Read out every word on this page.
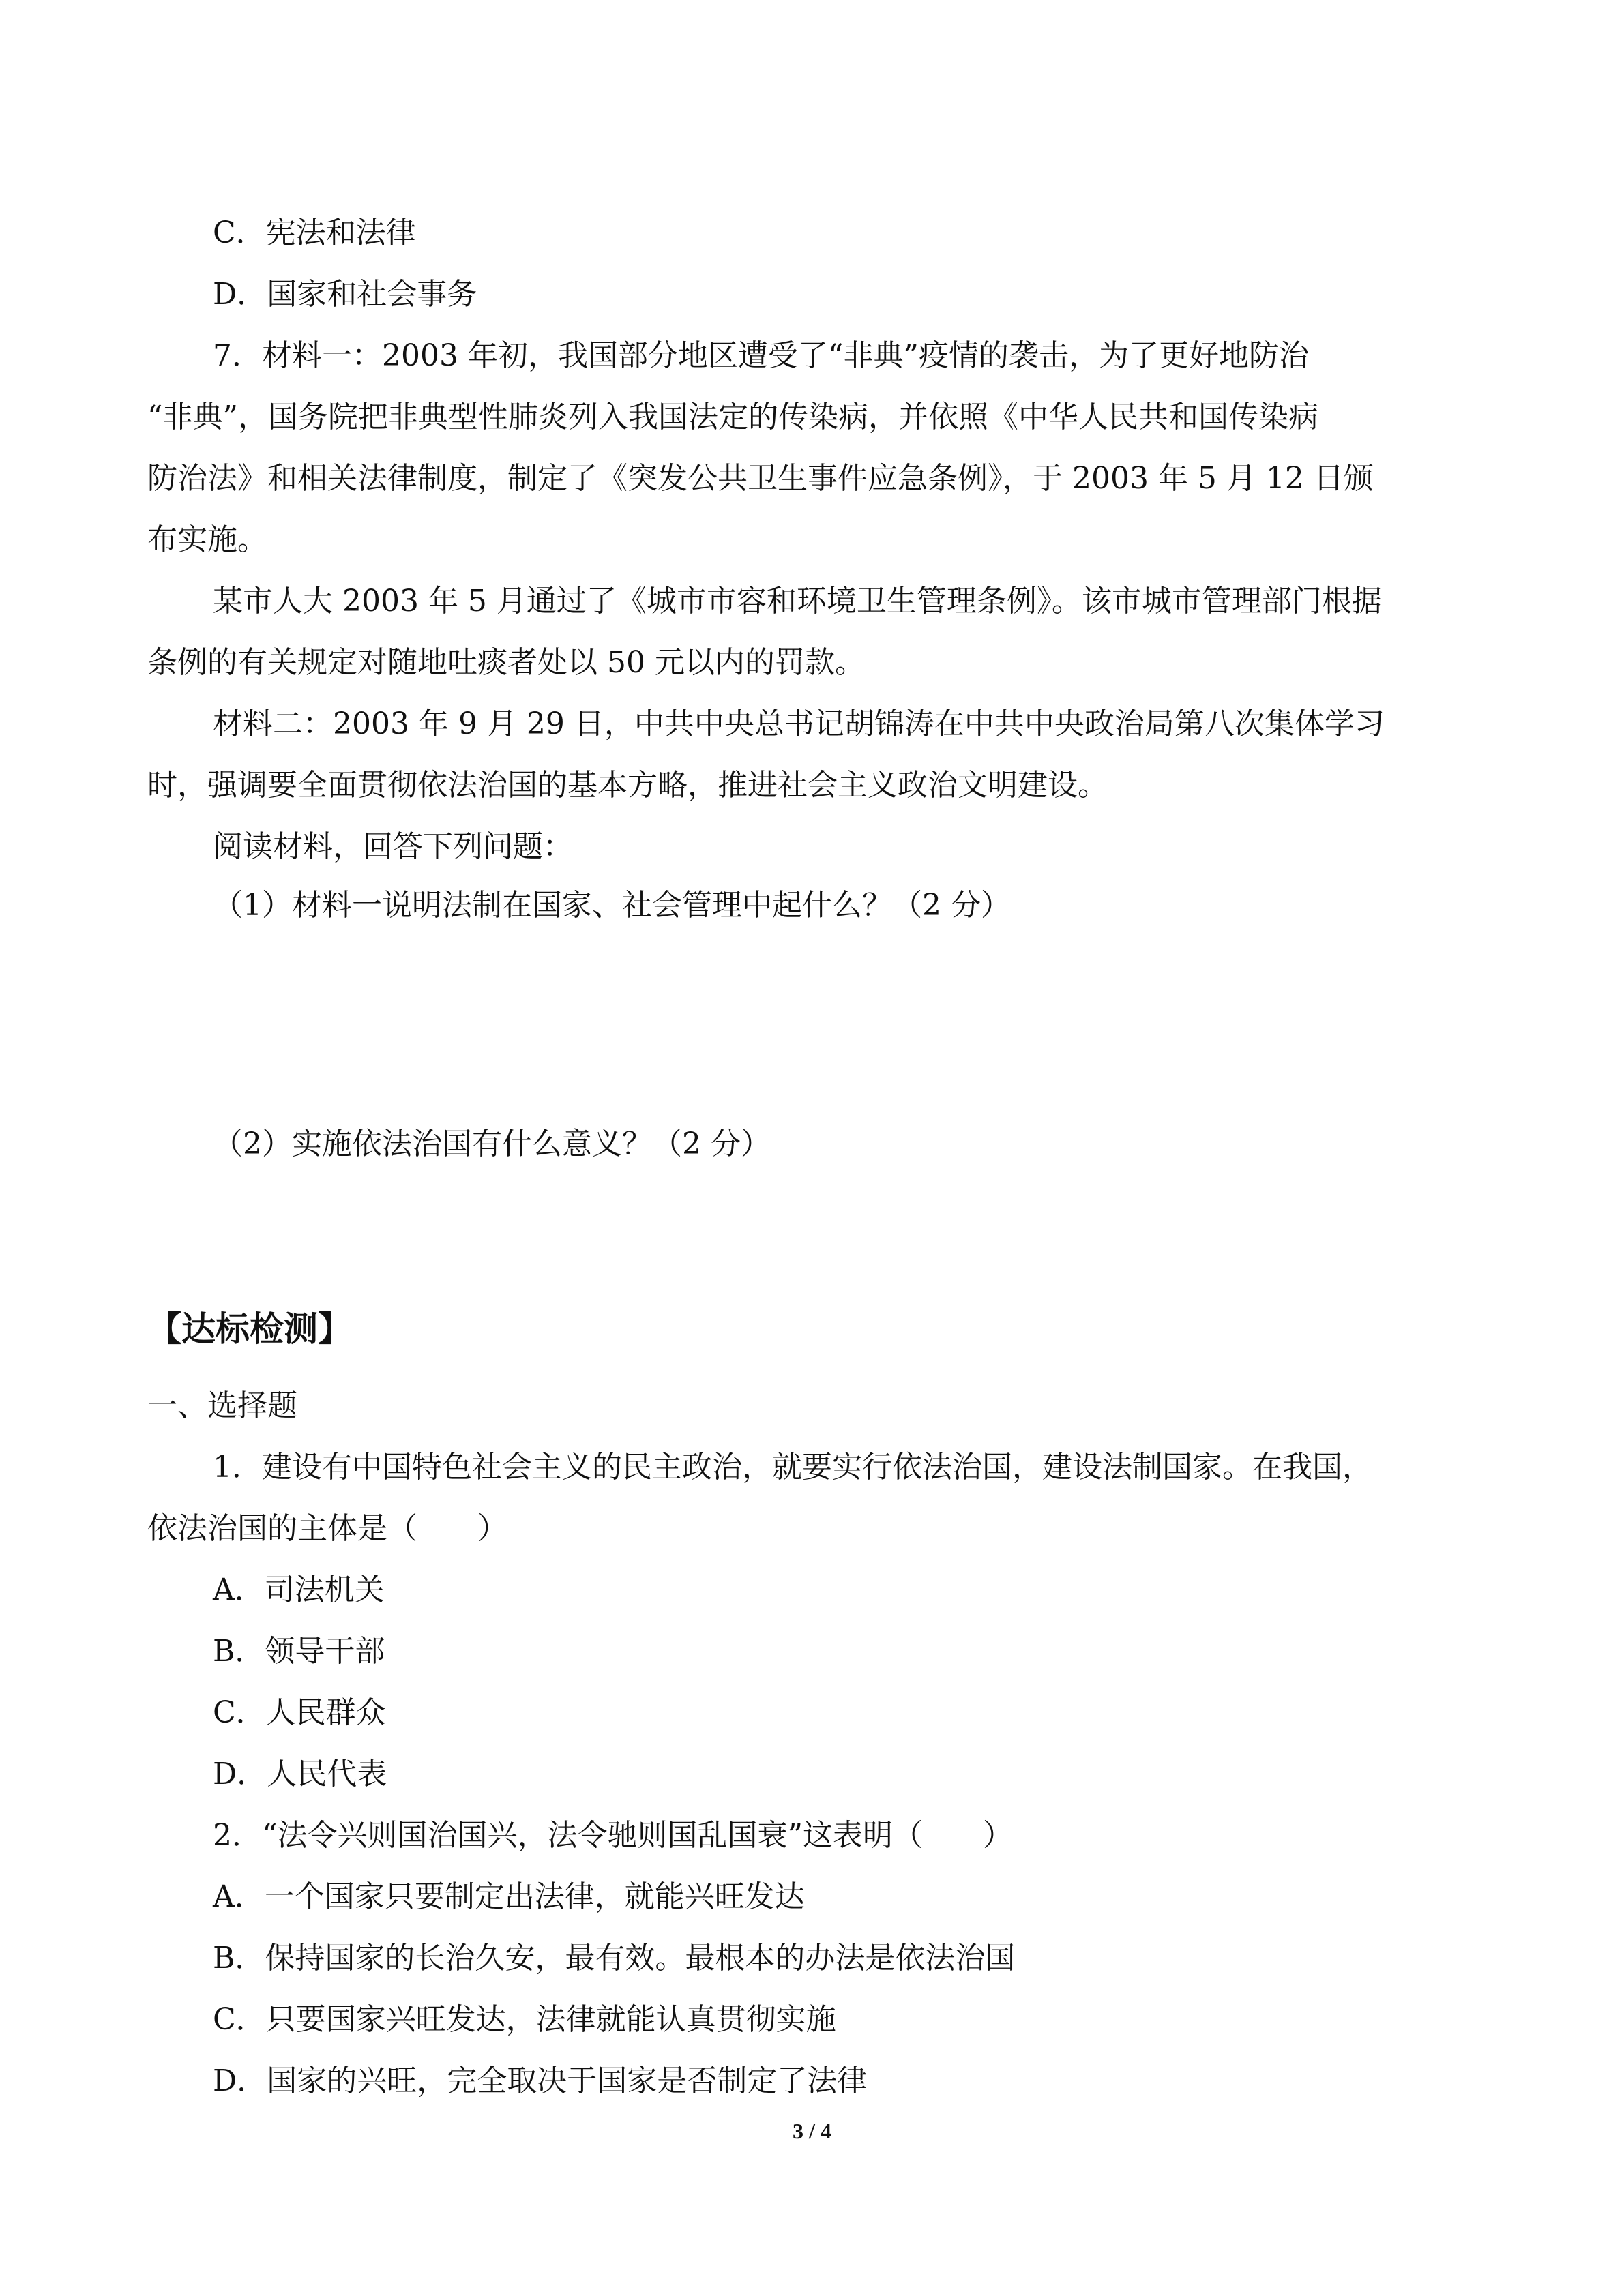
C．宪法和法律
D．国家和社会事务
7．材料一：2003 年初，我国部分地区遭受了“非典”疫情的袭击，为了更好地防治
“非典”，国务院把非典型性肺炎列入我国法定的传染病，并依照《中华人民共和国传染病
防治法》和相关法律制度，制定了《突发公共卫生事件应急条例》，于 2003 年 5 月 12 日颁
布实施。
某市人大 2003 年 5 月通过了《城市市容和环境卫生管理条例》。该市城市管理部门根据
条例的有关规定对随地吐痰者处以 50 元以内的罚款。
材料二：2003 年 9 月 29 日，中共中央总书记胡锦涛在中共中央政治局第八次集体学习
时，强调要全面贯彻依法治国的基本方略，推进社会主义政治文明建设。
阅读材料，回答下列问题：
（1）材料一说明法制在国家、社会管理中起什么？（2 分）
（2）实施依法治国有什么意义？（2 分）
【达标检测】
一、选择题
1．建设有中国特色社会主义的民主政治，就要实行依法治国，建设法制国家。在我国，
依法治国的主体是（　　）
A．司法机关
B．领导干部
C．人民群众
D．人民代表
2．“法令兴则国治国兴，法令驰则国乱国衰”这表明（　　）
A．一个国家只要制定出法律，就能兴旺发达
B．保持国家的长治久安，最有效。最根本的办法是依法治国
C．只要国家兴旺发达，法律就能认真贯彻实施
D．国家的兴旺，完全取决于国家是否制定了法律
3 / 4
